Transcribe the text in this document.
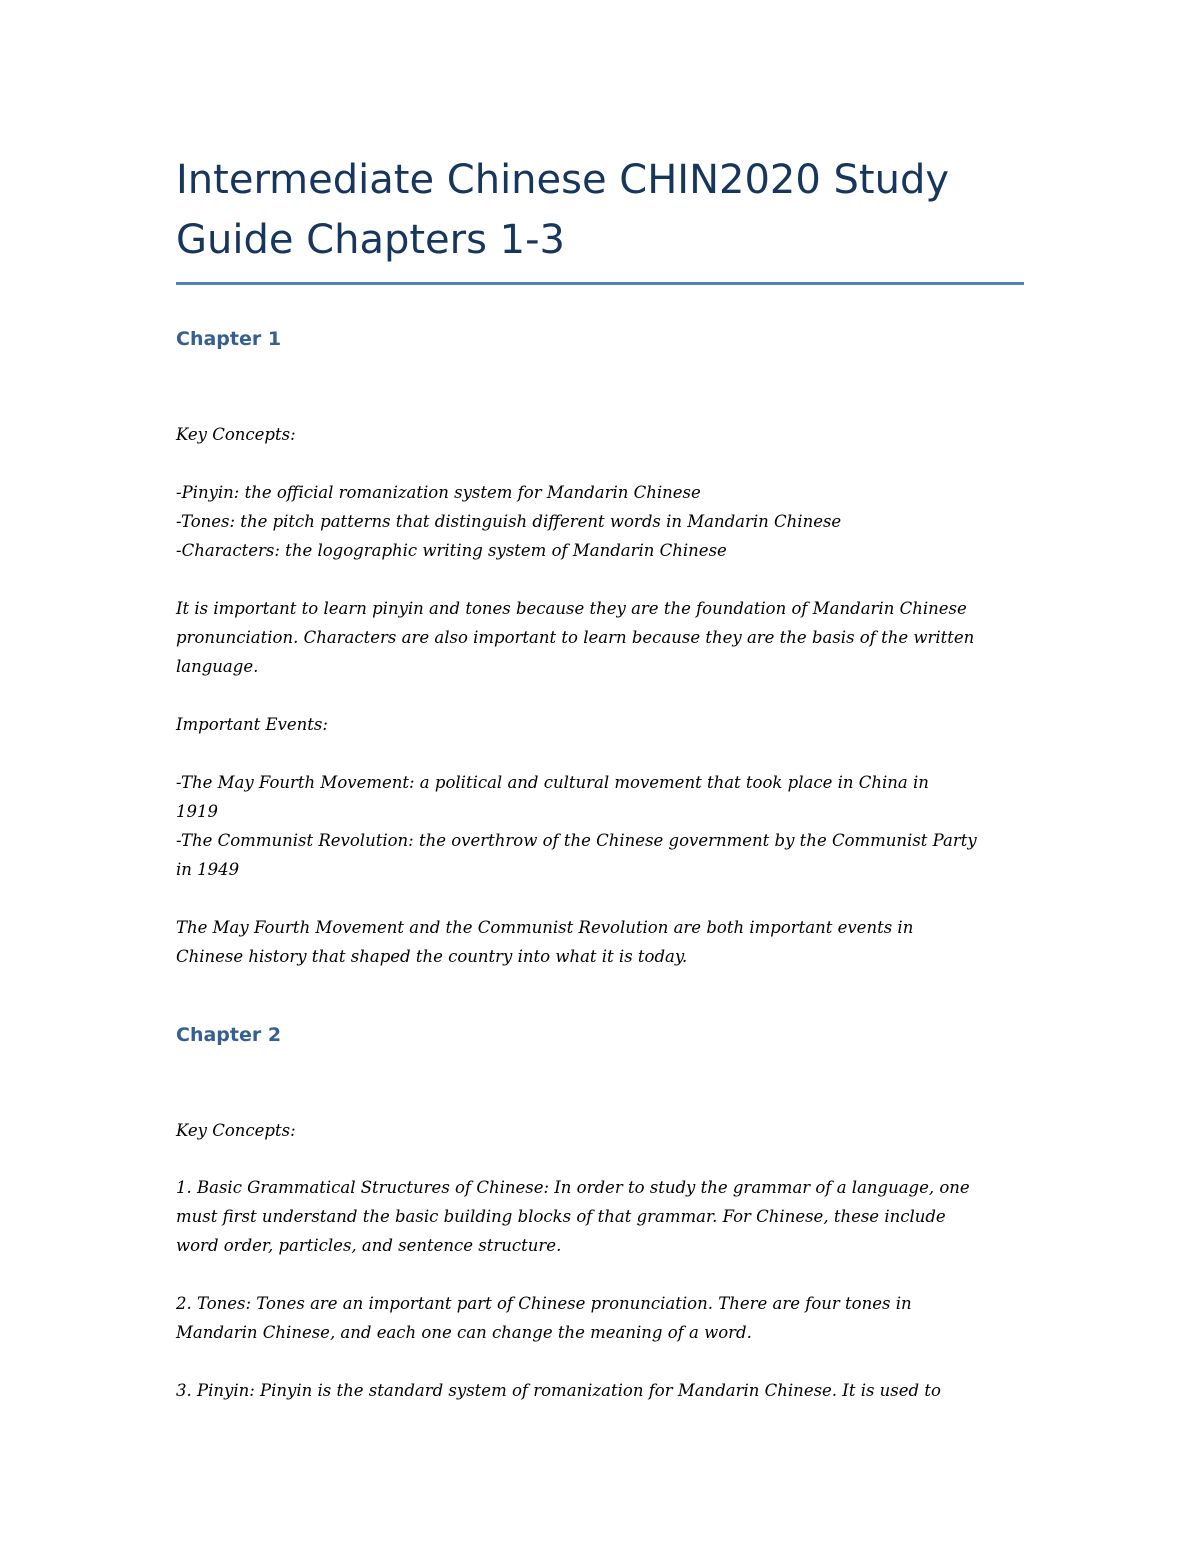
Intermediate Chinese CHIN2020 Study
Guide Chapters 1-3
Chapter 1

Key Concepts:

-Pinyin: the official romanization system for Mandarin Chinese
-Tones: the pitch patterns that distinguish different words in Mandarin Chinese
-Characters: the logographic writing system of Mandarin Chinese

It is important to learn pinyin and tones because they are the foundation of Mandarin Chinese
pronunciation. Characters are also important to learn because they are the basis of the written
language.

Important Events:

-The May Fourth Movement: a political and cultural movement that took place in China in
1919
-The Communist Revolution: the overthrow of the Chinese government by the Communist Party
in 1949

The May Fourth Movement and the Communist Revolution are both important events in
Chinese history that shaped the country into what it is today.

Chapter 2

Key Concepts:

1. Basic Grammatical Structures of Chinese: In order to study the grammar of a language, one
must first understand the basic building blocks of that grammar. For Chinese, these include
word order, particles, and sentence structure.

2. Tones: Tones are an important part of Chinese pronunciation. There are four tones in
Mandarin Chinese, and each one can change the meaning of a word.

3. Pinyin: Pinyin is the standard system of romanization for Mandarin Chinese. It is used to
